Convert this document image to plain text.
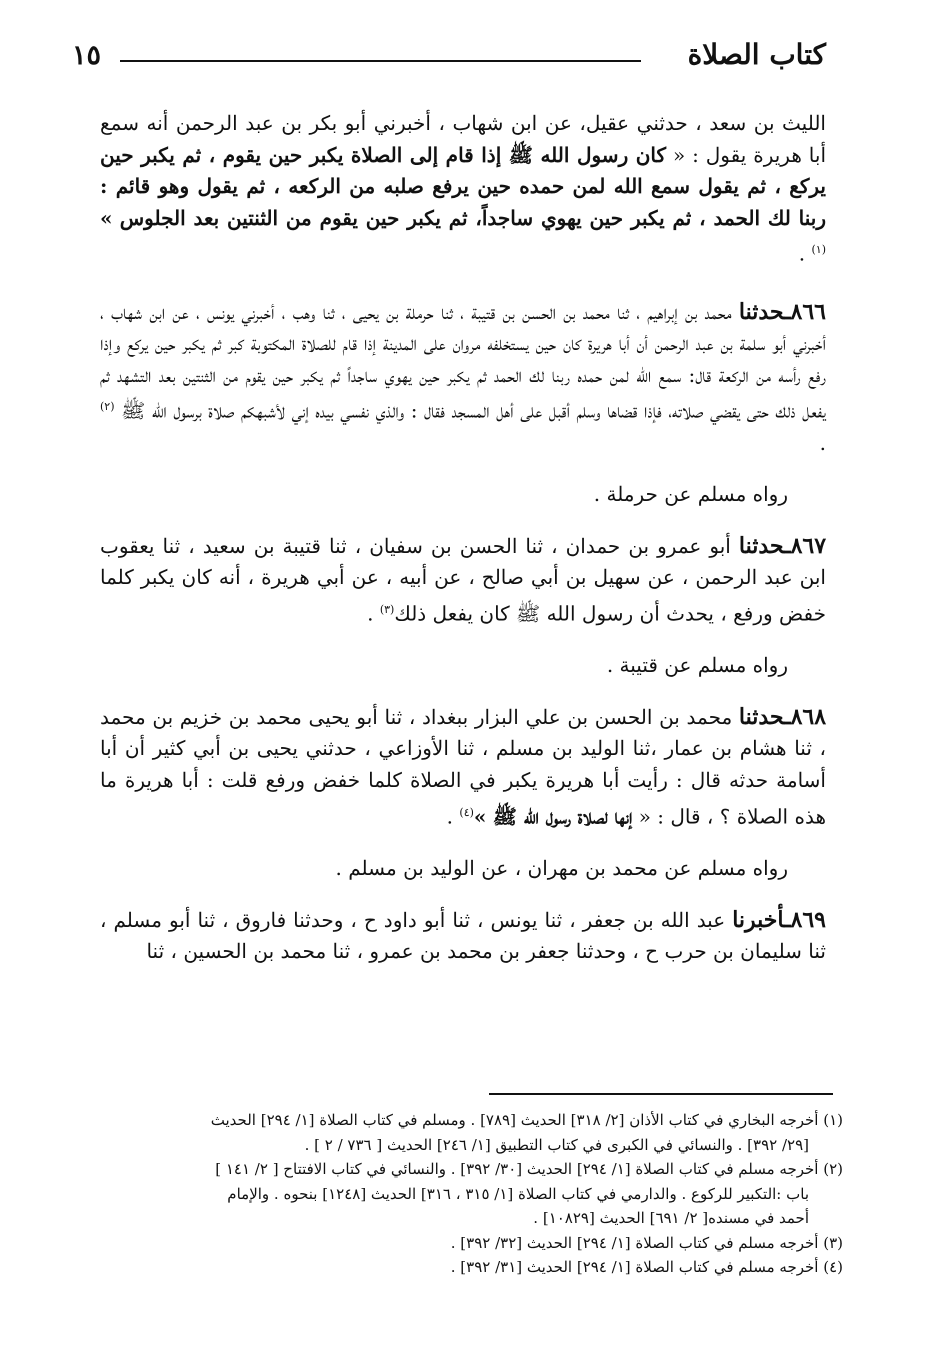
كتاب الصلاة
١٥

الليث بن سعد ، حدثني عقيل، عن ابن شهاب ، أخبرني أبو بكر بن عبد الرحمن أنه سمع أبا هريرة يقول : « كان رسول الله ﷺ إذا قام إلى الصلاة يكبر حين يقوم ، ثم يكبر حين يركع ، ثم يقول سمع الله لمن حمده حين يرفع صلبه من الركعه ، ثم يقول وهو قائم : ربنا لك الحمد ، ثم يكبر حين يهوي ساجداً، ثم يكبر حين يقوم من الثنتين بعد الجلوس » $^{(١)}$ .

٨٦٦ـحدثنا محمد بن إبراهيم ، ثنا محمد بن الحسن بن قتيبة ، ثنا حرملة بن يحيى ، ثنا وهب ، أخبرني يونس ، عن ابن شهاب ، أخبرني أبو سلمة بن عبد الرحمن أن أبا هريرة كان حين يستخلفه مروان على المدينة إذا قام للصلاة المكتوبة كبر ثم يكبر حين يركع وإذا رفع رأسه من الركعة قال: سمع الله لمن حمده ربنا لك الحمد ثم يكبر حين يهوي ساجداً ثم يكبر حين يقوم من الثنتين بعد التشهد ثم يفعل ذلك حتى يقضي صلاته، فإذا قضاها وسلم أقبل على أهل المسجد فقال : والذي نفسي بيده إني لأشبهكم صلاة برسول الله ﷺ $^{(٢)}$ .

رواه مسلم عن حرملة .

٨٦٧ـحدثنا أبو عمرو بن حمدان ، ثنا الحسن بن سفيان ، ثنا قتيبة بن سعيد ، ثنا يعقوب ابن عبد الرحمن ، عن سهيل بن أبي صالح ، عن أبيه ، عن أبي هريرة ، أنه كان يكبر كلما خفض ورفع ، يحدث أن رسول الله ﷺ كان يفعل ذلك$^{(٣)}$ .

رواه مسلم عن قتيبة .

٨٦٨ـحدثنا محمد بن الحسن بن علي البزار ببغداد ، ثنا أبو يحيى محمد بن خزيم بن محمد ، ثنا هشام بن عمار ،ثنا الوليد بن مسلم ، ثنا الأوزاعي ، حدثني يحيى بن أبي كثير أن أبا أسامة حدثه قال : رأيت أبا هريرة يكبر في الصلاة كلما خفض ورفع قلت : أبا هريرة ما هذه الصلاة ؟ ، قال : « إنها لصلاة رسول الله ﷺ »$^{(٤)}$ .

رواه مسلم عن محمد بن مهران ، عن الوليد بن مسلم .

٨٦٩ـأخبرنا عبد الله بن جعفر ، ثنا يونس ، ثنا أبو داود ح ، وحدثنا فاروق ، ثنا أبو مسلم ، ثنا سليمان بن حرب ح ، وحدثنا جعفر بن محمد بن عمرو ، ثنا محمد بن الحسين ، ثنا

(١) أخرجه البخاري في كتاب الأذان [٢/ ٣١٨] الحديث [٧٨٩] . ومسلم في كتاب الصلاة [١/ ٢٩٤] الحديث

[٢٩/ ٣٩٢] . والنسائي في الكبرى في كتاب التطبيق [١/ ٢٤٦] الحديث [ ٧٣٦ / ٢ ] .

(٢) أخرجه مسلم في كتاب الصلاة [١/ ٢٩٤] الحديث [٣٠/ ٣٩٢] . والنسائي في كتاب الافتتاح [ ٢/ ١٤١ ]

باب :التكبير للركوع . والدارمي في كتاب الصلاة [١/ ٣١٥ ، ٣١٦] الحديث [١٢٤٨] بنحوه . والإمام

أحمد في مسنده[ ٢/ ٦٩١] الحديث [١٠٨٢٩] .

(٣) أخرجه مسلم في كتاب الصلاة [١/ ٢٩٤] الحديث [٣٢/ ٣٩٢] .

(٤) أخرجه مسلم في كتاب الصلاة [١/ ٢٩٤] الحديث [٣١/ ٣٩٢] .
